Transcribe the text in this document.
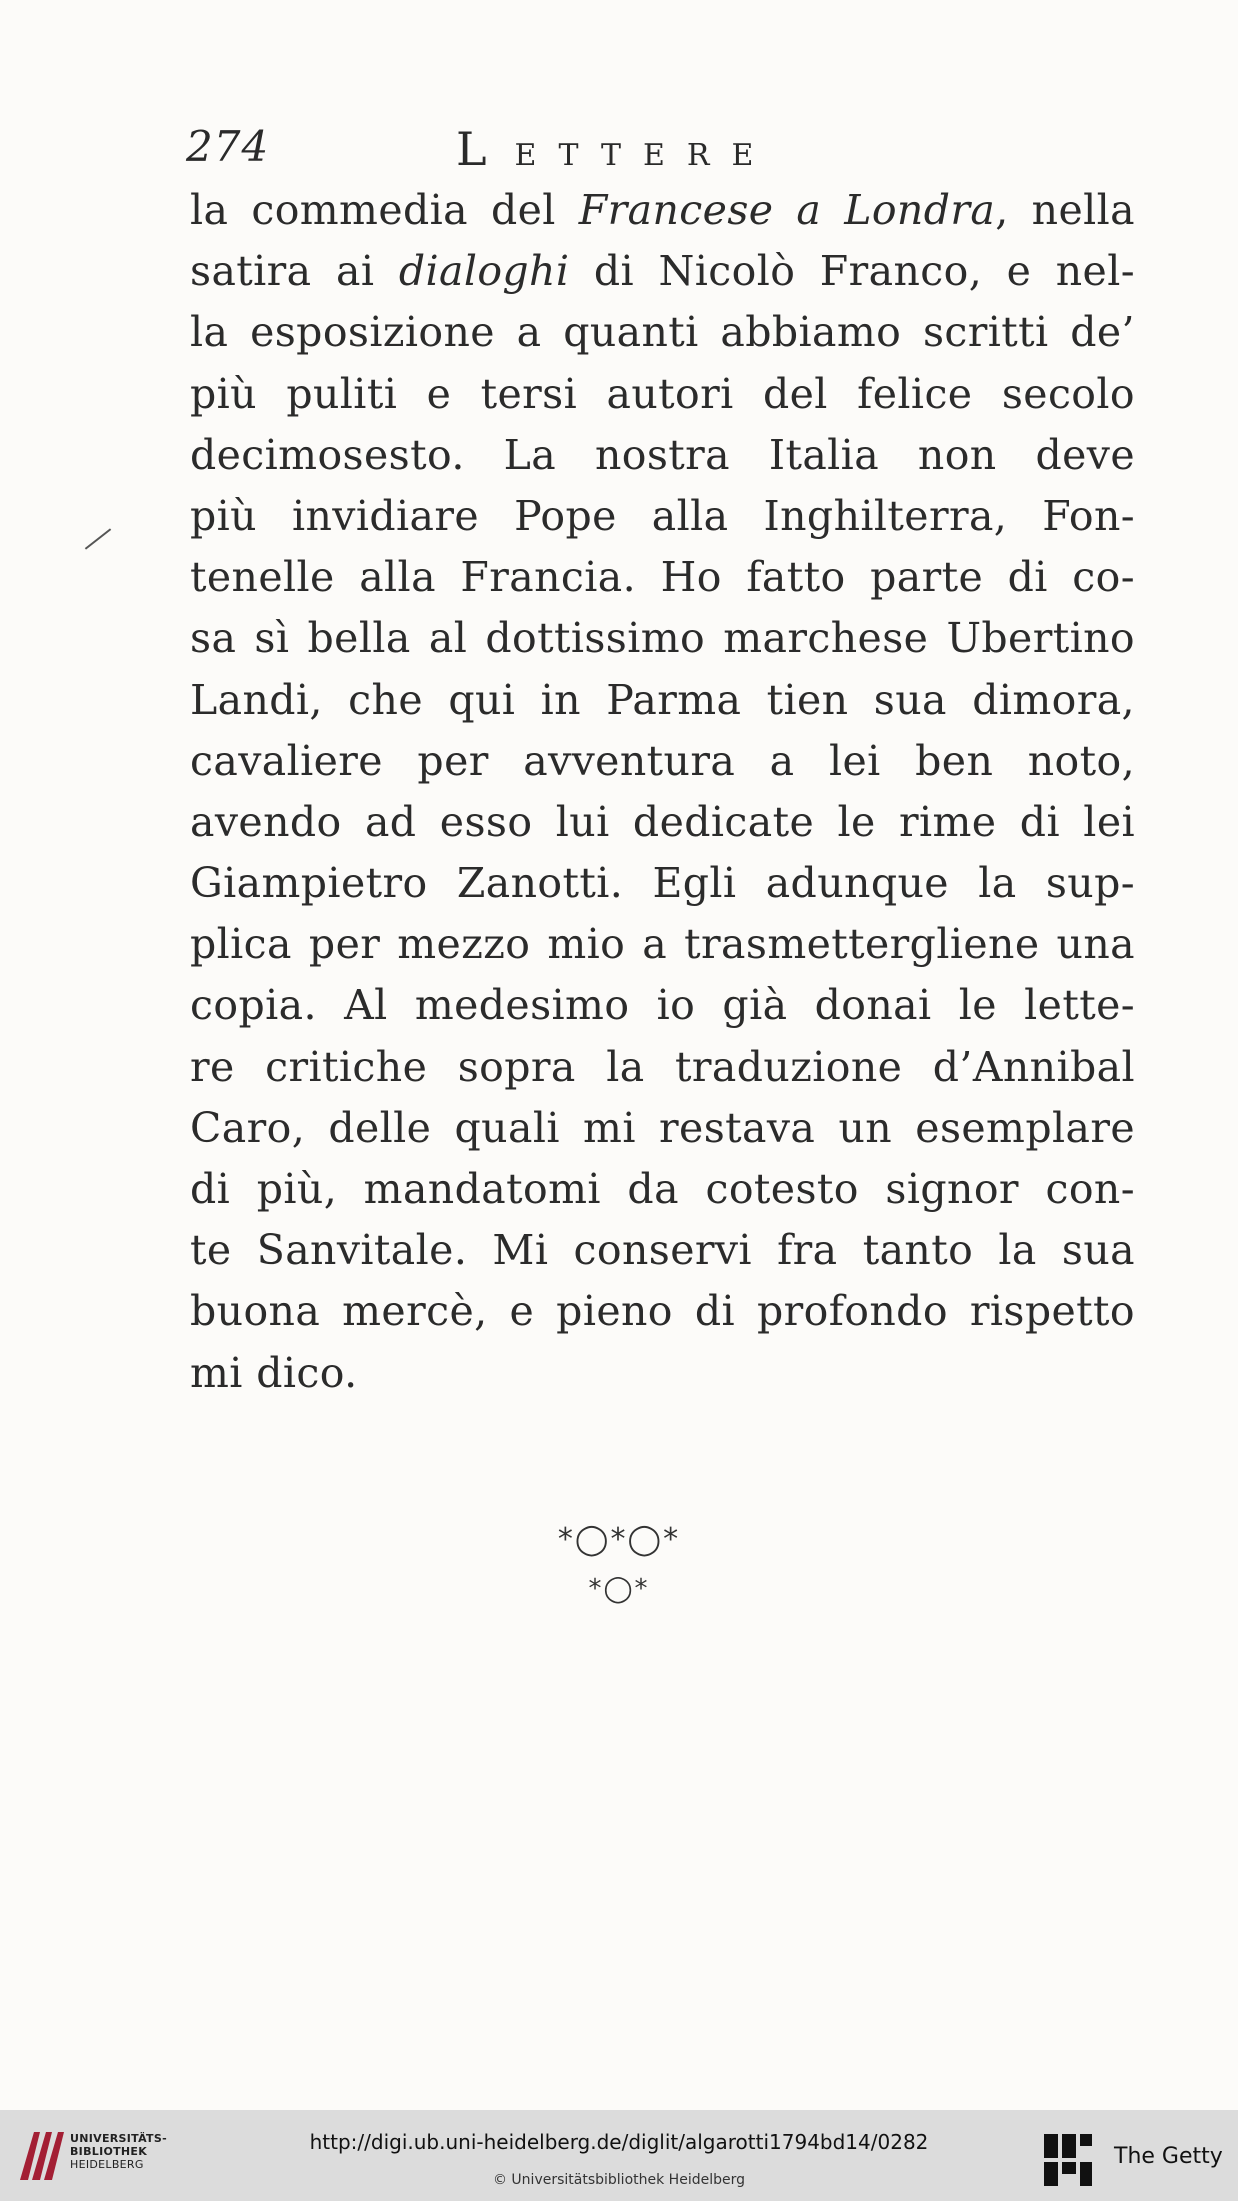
274	LETTERE
la commedia del Francese a Londra, nella
satira ai dialoghi di Nicolò Franco, e nel-
la esposizione a quanti abbiamo scritti de’
più puliti e tersi autori del felice secolo
decimosesto. La nostra Italia non deve
più invidiare Pope alla Inghilterra, Fon-
tenelle alla Francia. Ho fatto parte di co-
sa sì bella al dottissimo marchese Ubertino
Landi, che qui in Parma tien sua dimora,
cavaliere per avventura a lei ben noto,
avendo ad esso lui dedicate le rime di lei
Giampietro Zanotti. Egli adunque la sup-
plica per mezzo mio a trasmettergliene una
copia. Al medesimo io già donai le lette-
re critiche sopra la traduzione d’Annibal
Caro, delle quali mi restava un esemplare
di più, mandatomi da cotesto signor con-
te Sanvitale. Mi conservi fra tanto la sua
buona mercè, e pieno di profondo rispetto
mi dico.
*◯*◯*
*◯*
UNIVERSITÄTS-
BIBLIOTHEK
HEIDELBERG
http://digi.ub.uni-heidelberg.de/diglit/algarotti1794bd14/0282
© Universitätsbibliothek Heidelberg
The Getty
